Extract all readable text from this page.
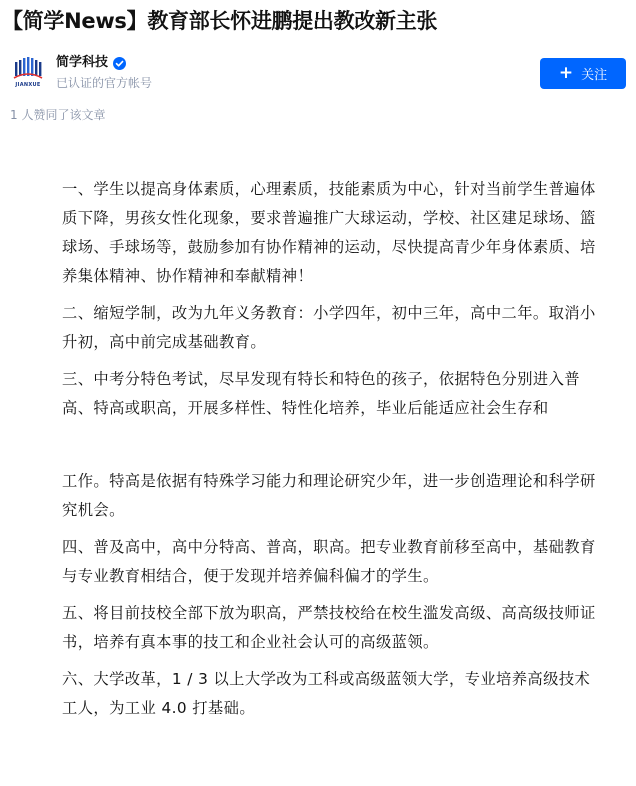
【简学News】教育部长怀进鹏提出教改新主张
JIANXUE
简学科技
已认证的官方帐号	+ 关注
1 人赞同了该文章

一、学生以提高身体素质，心理素质，技能素质为中心，针对当前学生普遍体质下降，男孩女性化现象，要求普遍推广大球运动，学校、社区建足球场、篮球场、手球场等，鼓励参加有协作精神的运动，尽快提高青少年身体素质、培养集体精神、协作精神和奉献精神！

二、缩短学制，改为九年义务教育：小学四年，初中三年，高中二年。取消小升初，高中前完成基础教育。

三、中考分特色考试，尽早发现有特长和特色的孩子，依据特色分别进入普高、特高或职高，开展多样性、特性化培养，毕业后能适应社会生存和

工作。特高是依据有特殊学习能力和理论研究少年，进一步创造理论和科学研究机会。

四、普及高中，高中分特高、普高，职高。把专业教育前移至高中，基础教育与专业教育相结合，便于发现并培养偏科偏才的学生。

五、将目前技校全部下放为职高，严禁技校给在校生滥发高级、高高级技师证书，培养有真本事的技工和企业社会认可的高级蓝领。

六、大学改革，1 / 3 以上大学改为工科或高级蓝领大学，专业培养高级技术工人，为工业 4.0 打基础。
